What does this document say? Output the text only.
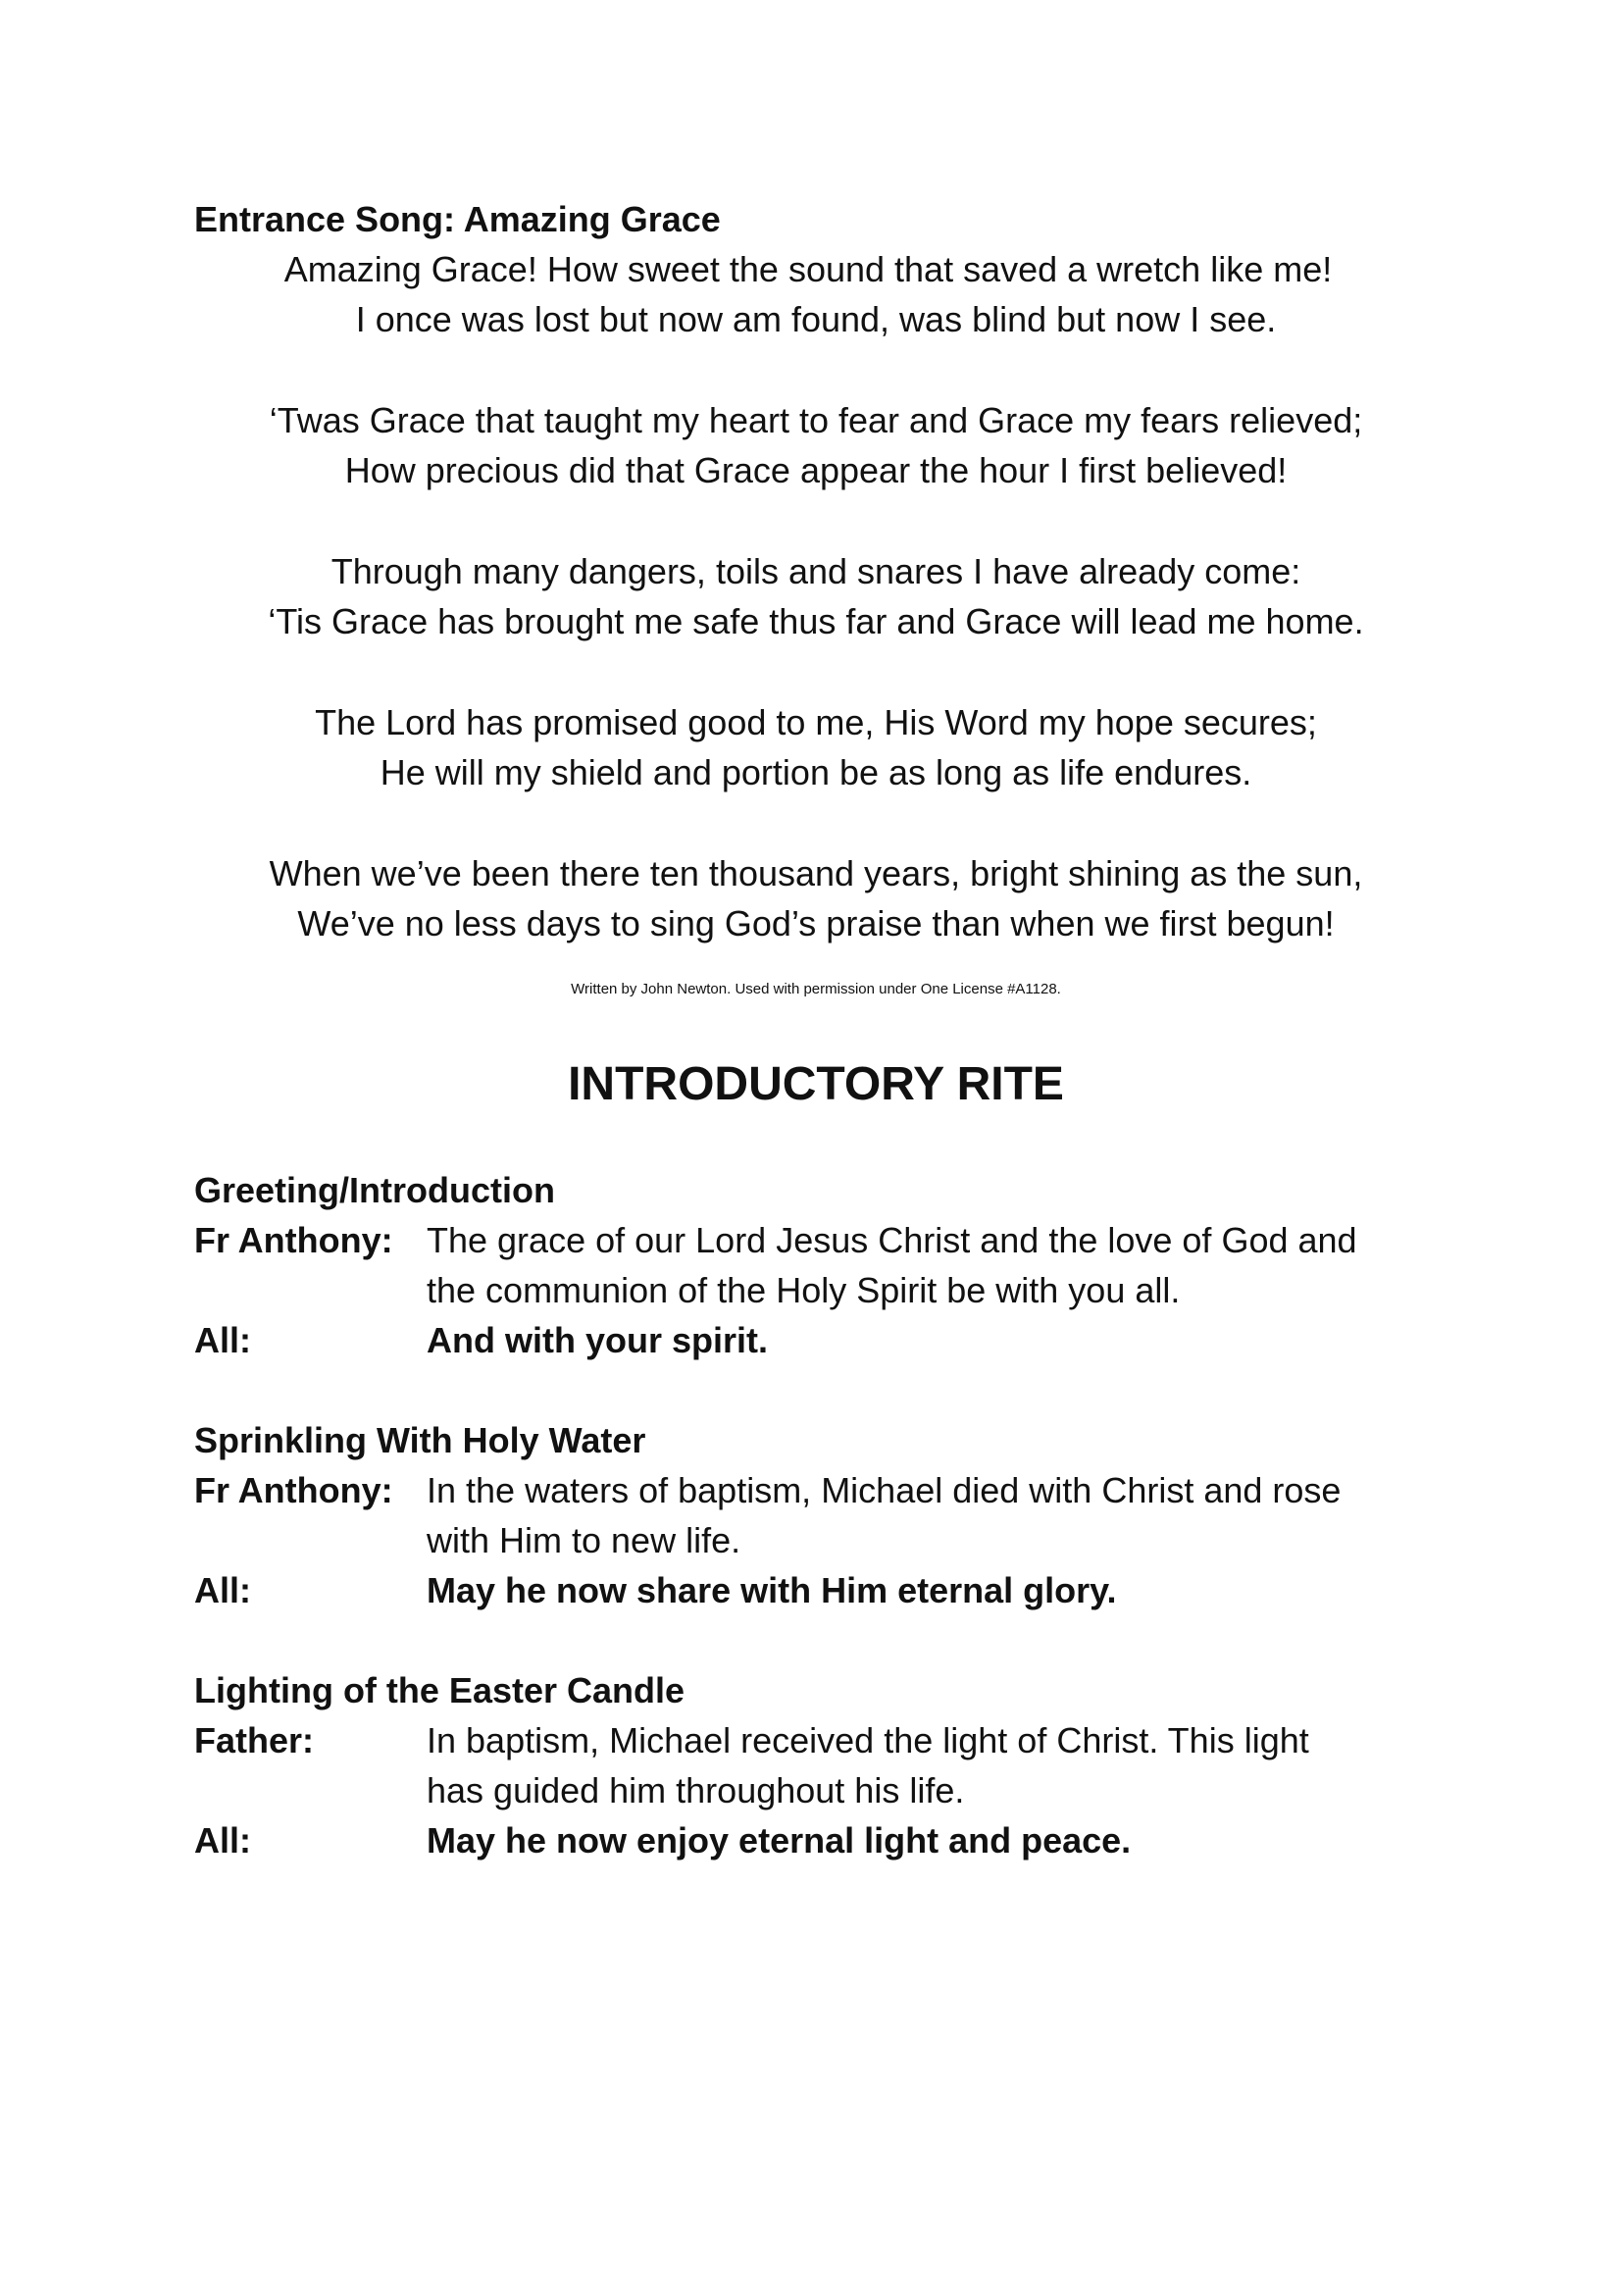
Entrance Song: Amazing Grace
Amazing Grace! How sweet the sound that saved a wretch like me!
I once was lost but now am found, was blind but now I see.
‘Twas Grace that taught my heart to fear and Grace my fears relieved;
How precious did that Grace appear the hour I first believed!
Through many dangers, toils and snares I have already come:
‘Tis Grace has brought me safe thus far and Grace will lead me home.
The Lord has promised good to me, His Word my hope secures;
He will my shield and portion be as long as life endures.
When we’ve been there ten thousand years, bright shining as the sun,
We’ve no less days to sing God’s praise than when we first begun!
Written by John Newton. Used with permission under One License #A1128.
INTRODUCTORY RITE
Greeting/Introduction
Fr Anthony: The grace of our Lord Jesus Christ and the love of God and
the communion of the Holy Spirit be with you all.
All:	And with your spirit.
Sprinkling With Holy Water
Fr Anthony: In the waters of baptism, Michael died with Christ and rose
with Him to new life.
All:	May he now share with Him eternal glory.
Lighting of the Easter Candle
Father:	In baptism, Michael received the light of Christ. This light
has guided him throughout his life.
All:	May he now enjoy eternal light and peace.
